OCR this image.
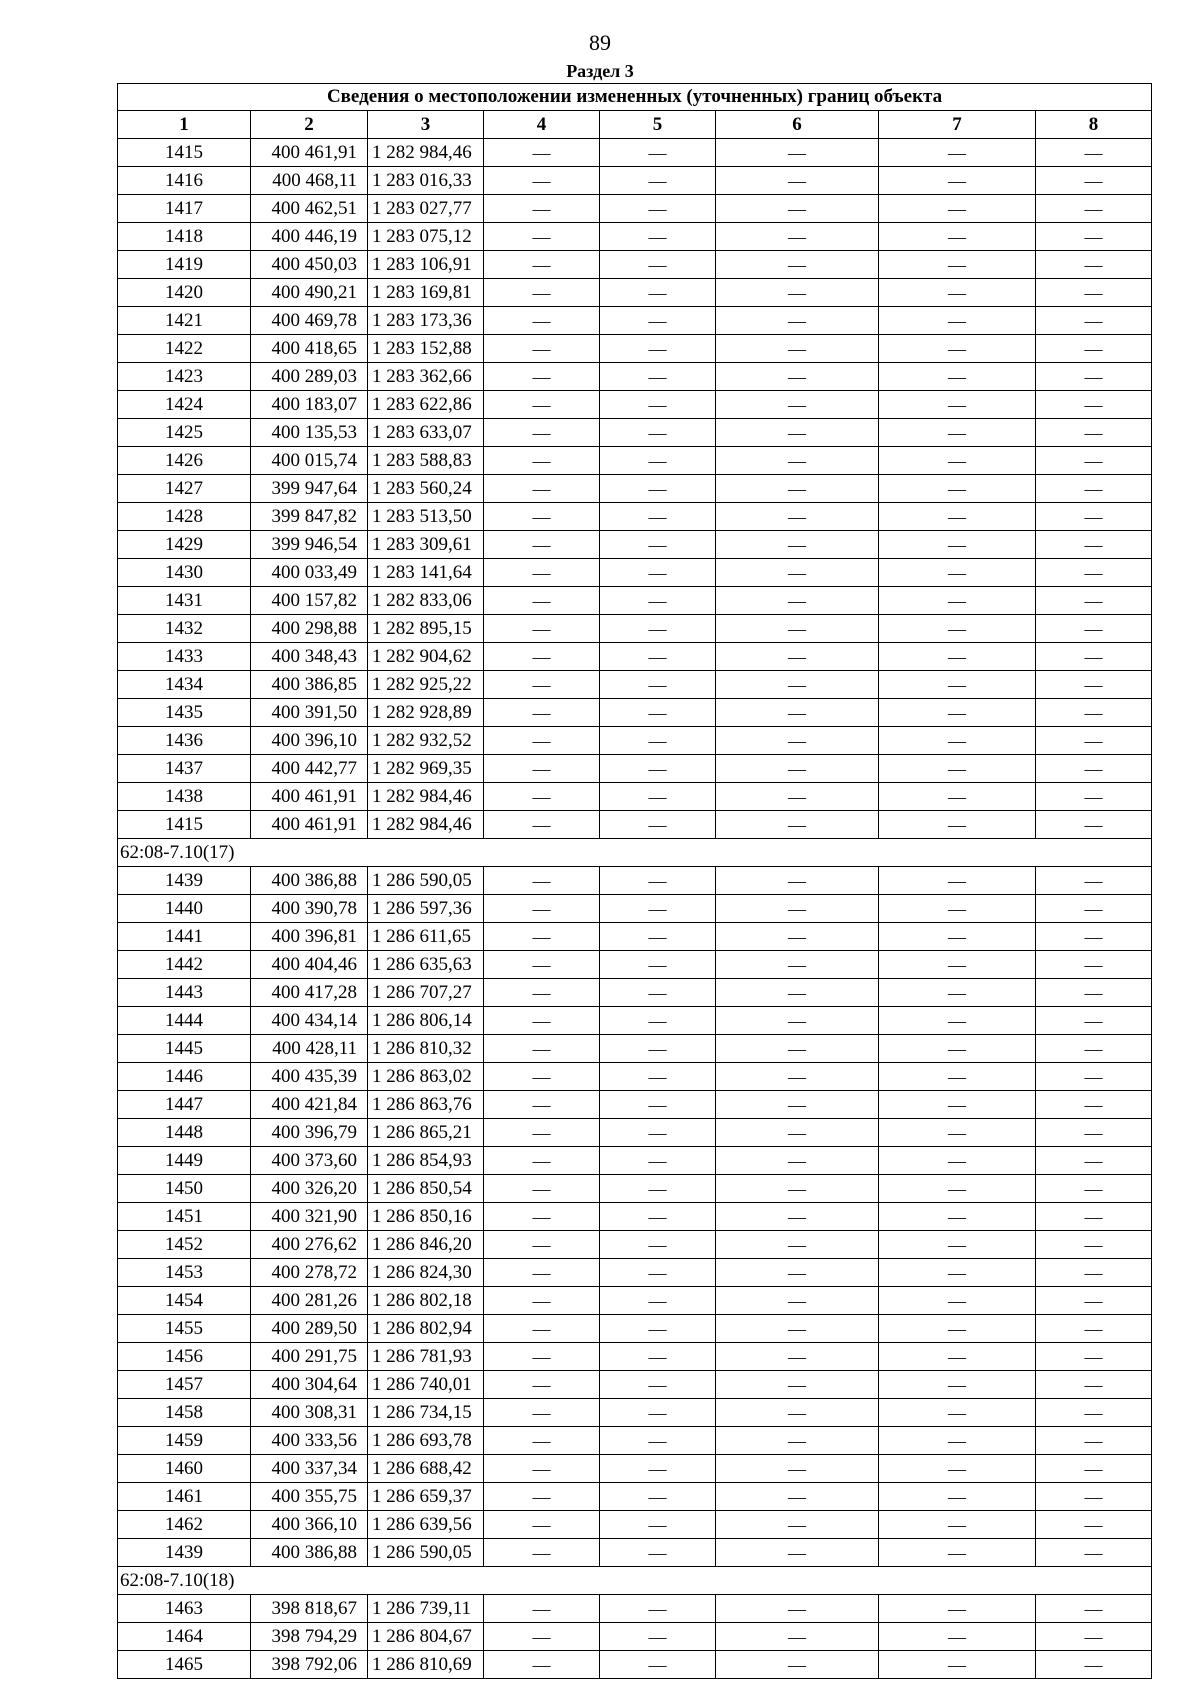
89
Раздел 3
Сведения о местоположении измененных (уточненных) границ объекта							
1	2	3	4	5	6	7	8
1415	400 461,91	1 282 984,46	—	—	—	—	—
1416	400 468,11	1 283 016,33	—	—	—	—	—
1417	400 462,51	1 283 027,77	—	—	—	—	—
1418	400 446,19	1 283 075,12	—	—	—	—	—
1419	400 450,03	1 283 106,91	—	—	—	—	—
1420	400 490,21	1 283 169,81	—	—	—	—	—
1421	400 469,78	1 283 173,36	—	—	—	—	—
1422	400 418,65	1 283 152,88	—	—	—	—	—
1423	400 289,03	1 283 362,66	—	—	—	—	—
1424	400 183,07	1 283 622,86	—	—	—	—	—
1425	400 135,53	1 283 633,07	—	—	—	—	—
1426	400 015,74	1 283 588,83	—	—	—	—	—
1427	399 947,64	1 283 560,24	—	—	—	—	—
1428	399 847,82	1 283 513,50	—	—	—	—	—
1429	399 946,54	1 283 309,61	—	—	—	—	—
1430	400 033,49	1 283 141,64	—	—	—	—	—
1431	400 157,82	1 282 833,06	—	—	—	—	—
1432	400 298,88	1 282 895,15	—	—	—	—	—
1433	400 348,43	1 282 904,62	—	—	—	—	—
1434	400 386,85	1 282 925,22	—	—	—	—	—
1435	400 391,50	1 282 928,89	—	—	—	—	—
1436	400 396,10	1 282 932,52	—	—	—	—	—
1437	400 442,77	1 282 969,35	—	—	—	—	—
1438	400 461,91	1 282 984,46	—	—	—	—	—
1415	400 461,91	1 282 984,46	—	—	—	—	—
62:08-7.10(17)							
1439	400 386,88	1 286 590,05	—	—	—	—	—
1440	400 390,78	1 286 597,36	—	—	—	—	—
1441	400 396,81	1 286 611,65	—	—	—	—	—
1442	400 404,46	1 286 635,63	—	—	—	—	—
1443	400 417,28	1 286 707,27	—	—	—	—	—
1444	400 434,14	1 286 806,14	—	—	—	—	—
1445	400 428,11	1 286 810,32	—	—	—	—	—
1446	400 435,39	1 286 863,02	—	—	—	—	—
1447	400 421,84	1 286 863,76	—	—	—	—	—
1448	400 396,79	1 286 865,21	—	—	—	—	—
1449	400 373,60	1 286 854,93	—	—	—	—	—
1450	400 326,20	1 286 850,54	—	—	—	—	—
1451	400 321,90	1 286 850,16	—	—	—	—	—
1452	400 276,62	1 286 846,20	—	—	—	—	—
1453	400 278,72	1 286 824,30	—	—	—	—	—
1454	400 281,26	1 286 802,18	—	—	—	—	—
1455	400 289,50	1 286 802,94	—	—	—	—	—
1456	400 291,75	1 286 781,93	—	—	—	—	—
1457	400 304,64	1 286 740,01	—	—	—	—	—
1458	400 308,31	1 286 734,15	—	—	—	—	—
1459	400 333,56	1 286 693,78	—	—	—	—	—
1460	400 337,34	1 286 688,42	—	—	—	—	—
1461	400 355,75	1 286 659,37	—	—	—	—	—
1462	400 366,10	1 286 639,56	—	—	—	—	—
1439	400 386,88	1 286 590,05	—	—	—	—	—
62:08-7.10(18)							
1463	398 818,67	1 286 739,11	—	—	—	—	—
1464	398 794,29	1 286 804,67	—	—	—	—	—
1465	398 792,06	1 286 810,69	—	—	—	—	—
